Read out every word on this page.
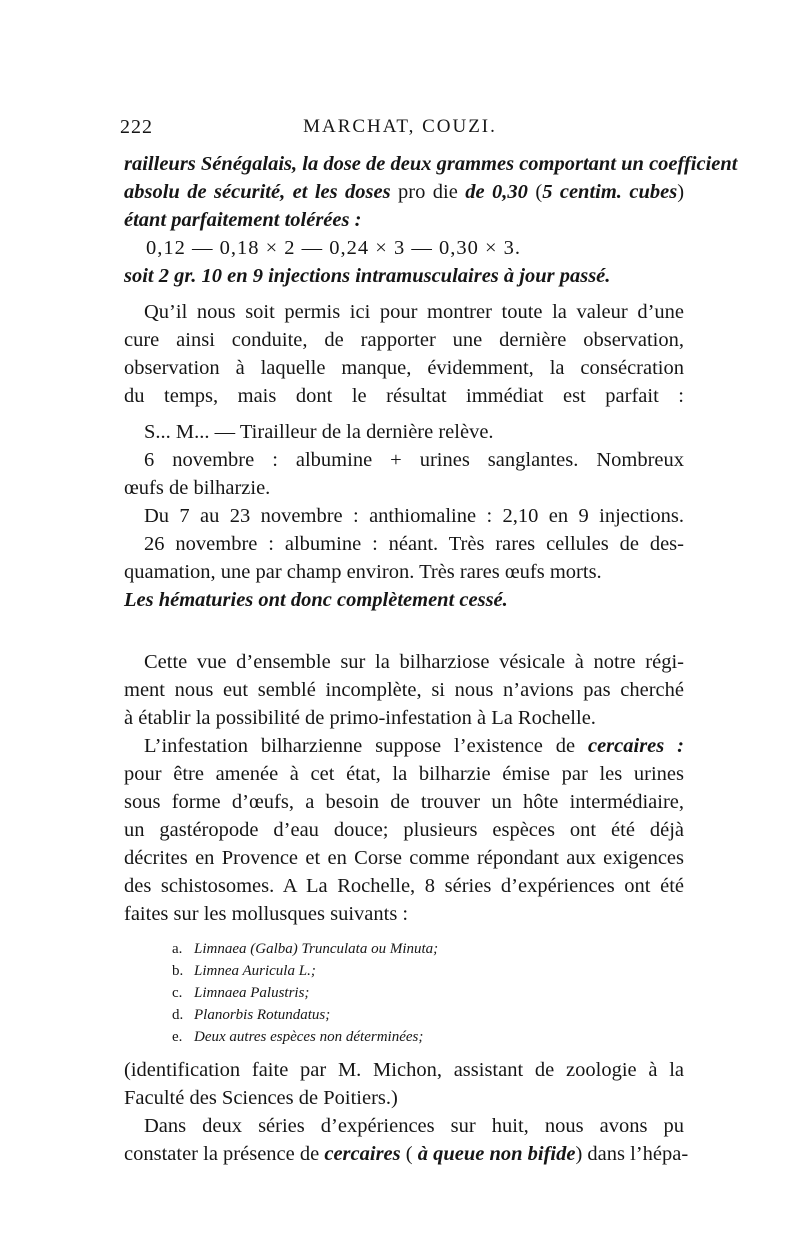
222	MARCHAT, COUZI.
railleurs Sénégalais, la dose de deux grammes comportant un coefficient
absolu de sécurité, et les doses pro die de 0,30 (5 centim. cubes)
étant parfaitement tolérées :
0,12 — 0,18 × 2 — 0,24 × 3 — 0,30 × 3.
soit 2 gr. 10 en 9 injections intramusculaires à jour passé.
Qu’il nous soit permis ici pour montrer toute la valeur d’une
cure ainsi conduite, de rapporter une dernière observation,
observation à laquelle manque, évidemment, la consécration
du temps, mais dont le résultat immédiat est parfait :
S... M... — Tirailleur de la dernière relève.
6 novembre : albumine + urines sanglantes. Nombreux
œufs de bilharzie.
Du 7 au 23 novembre : anthiomaline : 2,10 en 9 injections.
26 novembre : albumine : néant. Très rares cellules de des-
quamation, une par champ environ. Très rares œufs morts.
Les hématuries ont donc complètement cessé.
Cette vue d’ensemble sur la bilharziose vésicale à notre régi-
ment nous eut semblé incomplète, si nous n’avions pas cherché
à établir la possibilité de primo-infestation à La Rochelle.
L’infestation bilharzienne suppose l’existence de cercaires :
pour être amenée à cet état, la bilharzie émise par les urines
sous forme d’œufs, a besoin de trouver un hôte intermédiaire,
un gastéropode d’eau douce; plusieurs espèces ont été déjà
décrites en Provence et en Corse comme répondant aux exigences
des schistosomes. A La Rochelle, 8 séries d’expériences ont été
faites sur les mollusques suivants :
a. Limnaea (Galba) Trunculata ou Minuta;
b. Limnea Auricula L.;
c. Limnaea Palustris;
d. Planorbis Rotundatus;
e. Deux autres espèces non déterminées;
(identification faite par M. Michon, assistant de zoologie à la
Faculté des Sciences de Poitiers.)
Dans deux séries d’expériences sur huit, nous avons pu
constater la présence de cercaires ( à queue non bifide) dans l’hépa-
